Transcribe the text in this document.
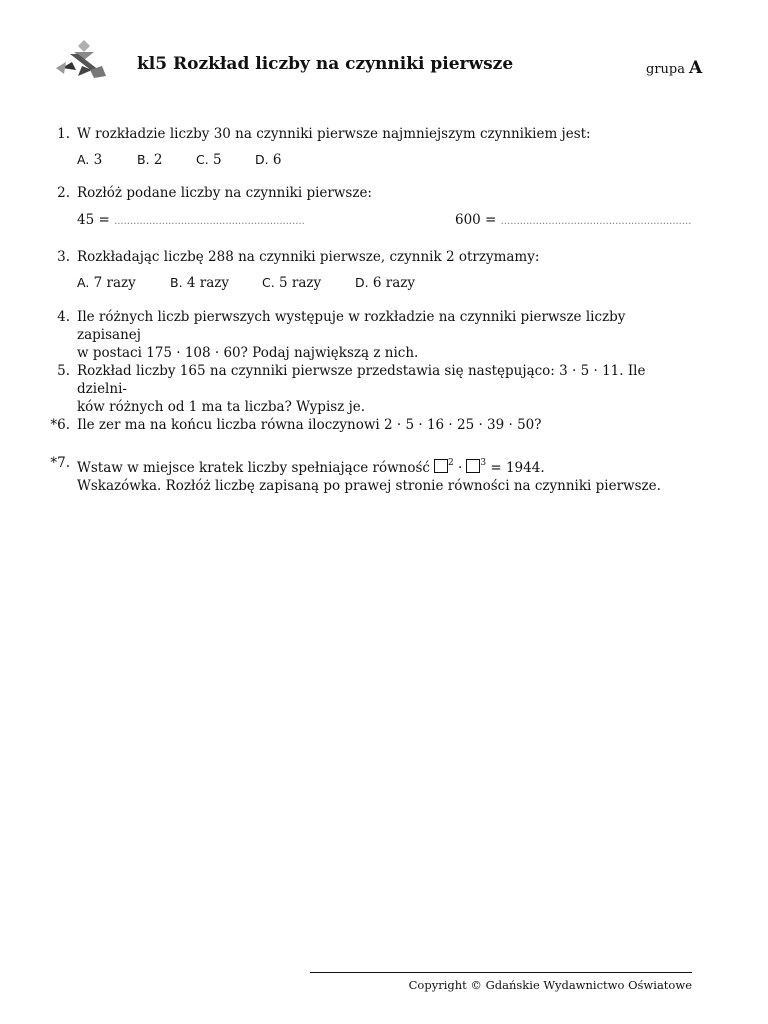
kl5 Rozkład liczby na czynniki pierwsze	grupa A
1. W rozkładzie liczby 30 na czynniki pierwsze najmniejszym czynnikiem jest:
A. 3	B. 2	C. 5	D. 6
2. Rozłóż podane liczby na czynniki pierwsze:
45 = ............................................................	600 = ............................................................
3. Rozkładając liczbę 288 na czynniki pierwsze, czynnik 2 otrzymamy:
A. 7 razy	B. 4 razy	C. 5 razy	D. 6 razy
4. Ile różnych liczb pierwszych występuje w rozkładzie na czynniki pierwsze liczby zapisanej
w postaci 175 · 108 · 60? Podaj największą z nich.
5. Rozkład liczby 165 na czynniki pierwsze przedstawia się następująco: 3 · 5 · 11. Ile dzielni-
ków różnych od 1 ma ta liczba? Wypisz je.
*6. Ile zer ma na końcu liczba równa iloczynowi 2 · 5 · 16 · 25 · 39 · 50?
*7. Wstaw w miejsce kratek liczby spełniające równość $^2$ · $^3$ = 1944.
Wskazówka. Rozłóż liczbę zapisaną po prawej stronie równości na czynniki pierwsze.
Copyright © Gdańskie Wydawnictwo Oświatowe
